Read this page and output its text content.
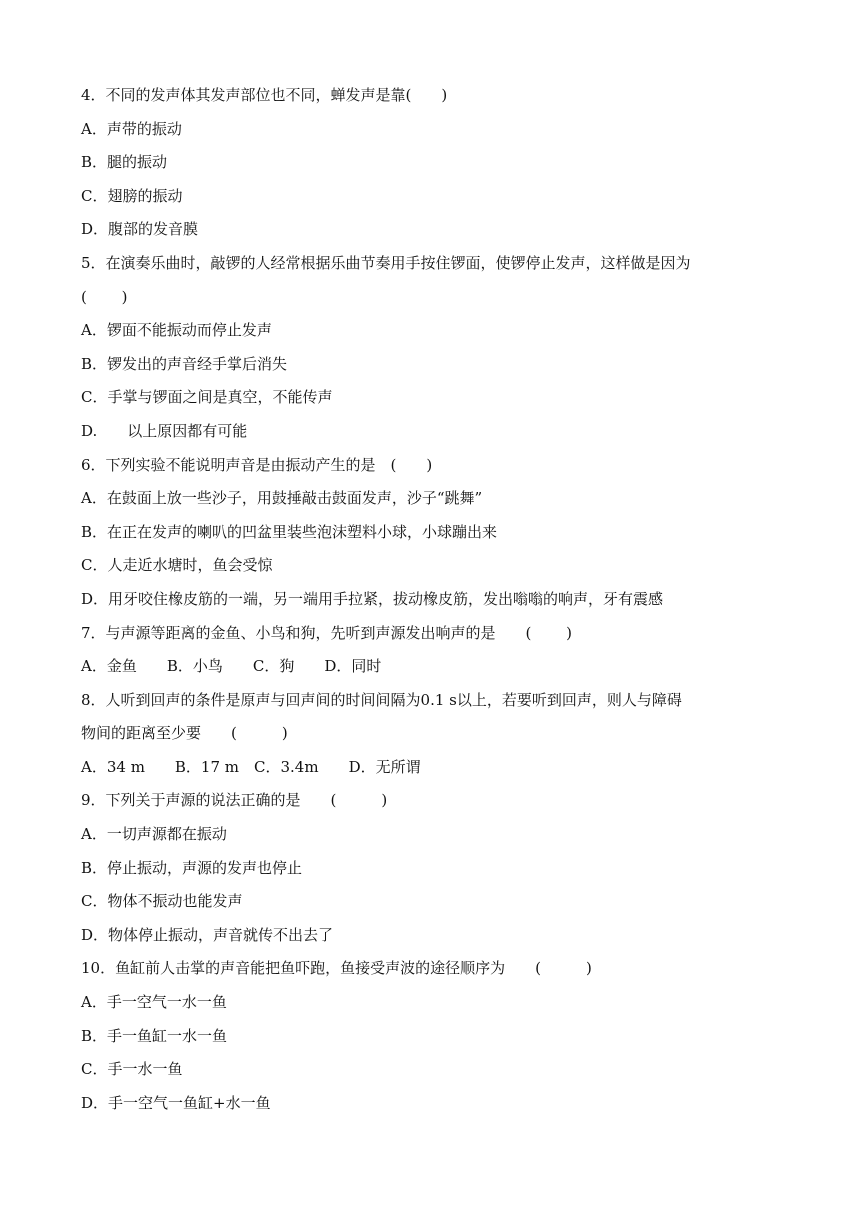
4．不同的发声体其发声部位也不同，蝉发声是靠(　　)
A．声带的振动
B．腿的振动
C．翅膀的振动
D．腹部的发音膜
5．在演奏乐曲时，敲锣的人经常根据乐曲节奏用手按住锣面，使锣停止发声，这样做是因为
(　　 )
A．锣面不能振动而停止发声
B．锣发出的声音经手掌后消失
C．手掌与锣面之间是真空，不能传声
D.　　以上原因都有可能
6．下列实验不能说明声音是由振动产生的是　(　　)
A．在鼓面上放一些沙子，用鼓捶敲击鼓面发声，沙子“跳舞”
B．在正在发声的喇叭的凹盆里装些泡沫塑料小球，小球蹦出来
C．人走近水塘时，鱼会受惊
D．用牙咬住橡皮筋的一端，另一端用手拉紧，拔动橡皮筋，发出嗡嗡的响声，牙有震感
7．与声源等距离的金鱼、小鸟和狗，先听到声源发出响声的是　　(　　 )
A．金鱼　　B．小鸟　　C．狗　　D．同时
8．人听到回声的条件是原声与回声间的时间间隔为0.1 s以上，若要听到回声，则人与障碍
物间的距离至少要　　(　　　)
A．34 m　　B．17 m　C．3.4m　　D．无所谓
9．下列关于声源的说法正确的是　　(　　　)
A．一切声源都在振动
B．停止振动，声源的发声也停止
C．物体不振动也能发声
D．物体停止振动，声音就传不出去了
10．鱼缸前人击掌的声音能把鱼吓跑，鱼接受声波的途径顺序为　　(　　　)
A．手一空气一水一鱼
B．手一鱼缸一水一鱼
C．手一水一鱼
D．手一空气一鱼缸+水一鱼
